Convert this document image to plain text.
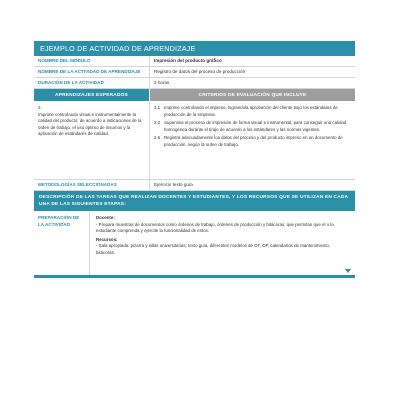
EJEMPLO DE ACTIVIDAD DE APRENDIZAJE
NOMBRE DEL MÓDULO	Impresión del producto gráfico
NOMBRE DE LA ACTIVIDAD DE APRENDIZAJE	Registro de datos del proceso de producción
DURACIÓN DE LA ACTIVIDAD	2 horas
APRENDIZAJES ESPERADOS	CRITERIOS DE EVALUACIÓN QUE INCLUYE
2.
Imprime controlando visual e instrumentalmente la calidad del producto, de acuerdo a indicaciones de la orden de trabajo, el uso óptimo de insumos y la aplicación de estándares de calidad.
2.1 Imprime controlando el impreso, lograndola aprobación del cliente bajo los estándares de producción de la empresa.
2.2 Supervisa el proceso de impresión de forma visual e instrumental, para conseguir una calidad homogénea durante el tiraje de acuerdo a los estándares y las normas vigentes.
2.6 Registra adecuadamente los datos del proceso y del producto impreso en un documento de producción, según la orden de trabajo.
METODOLOGÍAS SELECCIONADAS	Ejercicio texto guía
DESCRIPCIÓN DE LAS TAREAS QUE REALIZAN DOCENTES Y ESTUDIANTES, Y LOS RECURSOS QUE SE UTILIZAN EN CADA UNA DE LAS SIGUIENTES ETAPAS:
PREPARACIÓN DE LA ACTIVIDAD
Docente:

- Prepara muestras de documentos como órdenes de trabajo, órdenes de producción y bitácoras, que permitan que el o la estudiante comprenda y ejercite la funcionalidad de estos.

Recursos:

- Sala apropiada: pizarra y sillas universitarias; texto guía, diferentes modelos de OT, OP, calendarios de mantenimiento, bitácoras.
